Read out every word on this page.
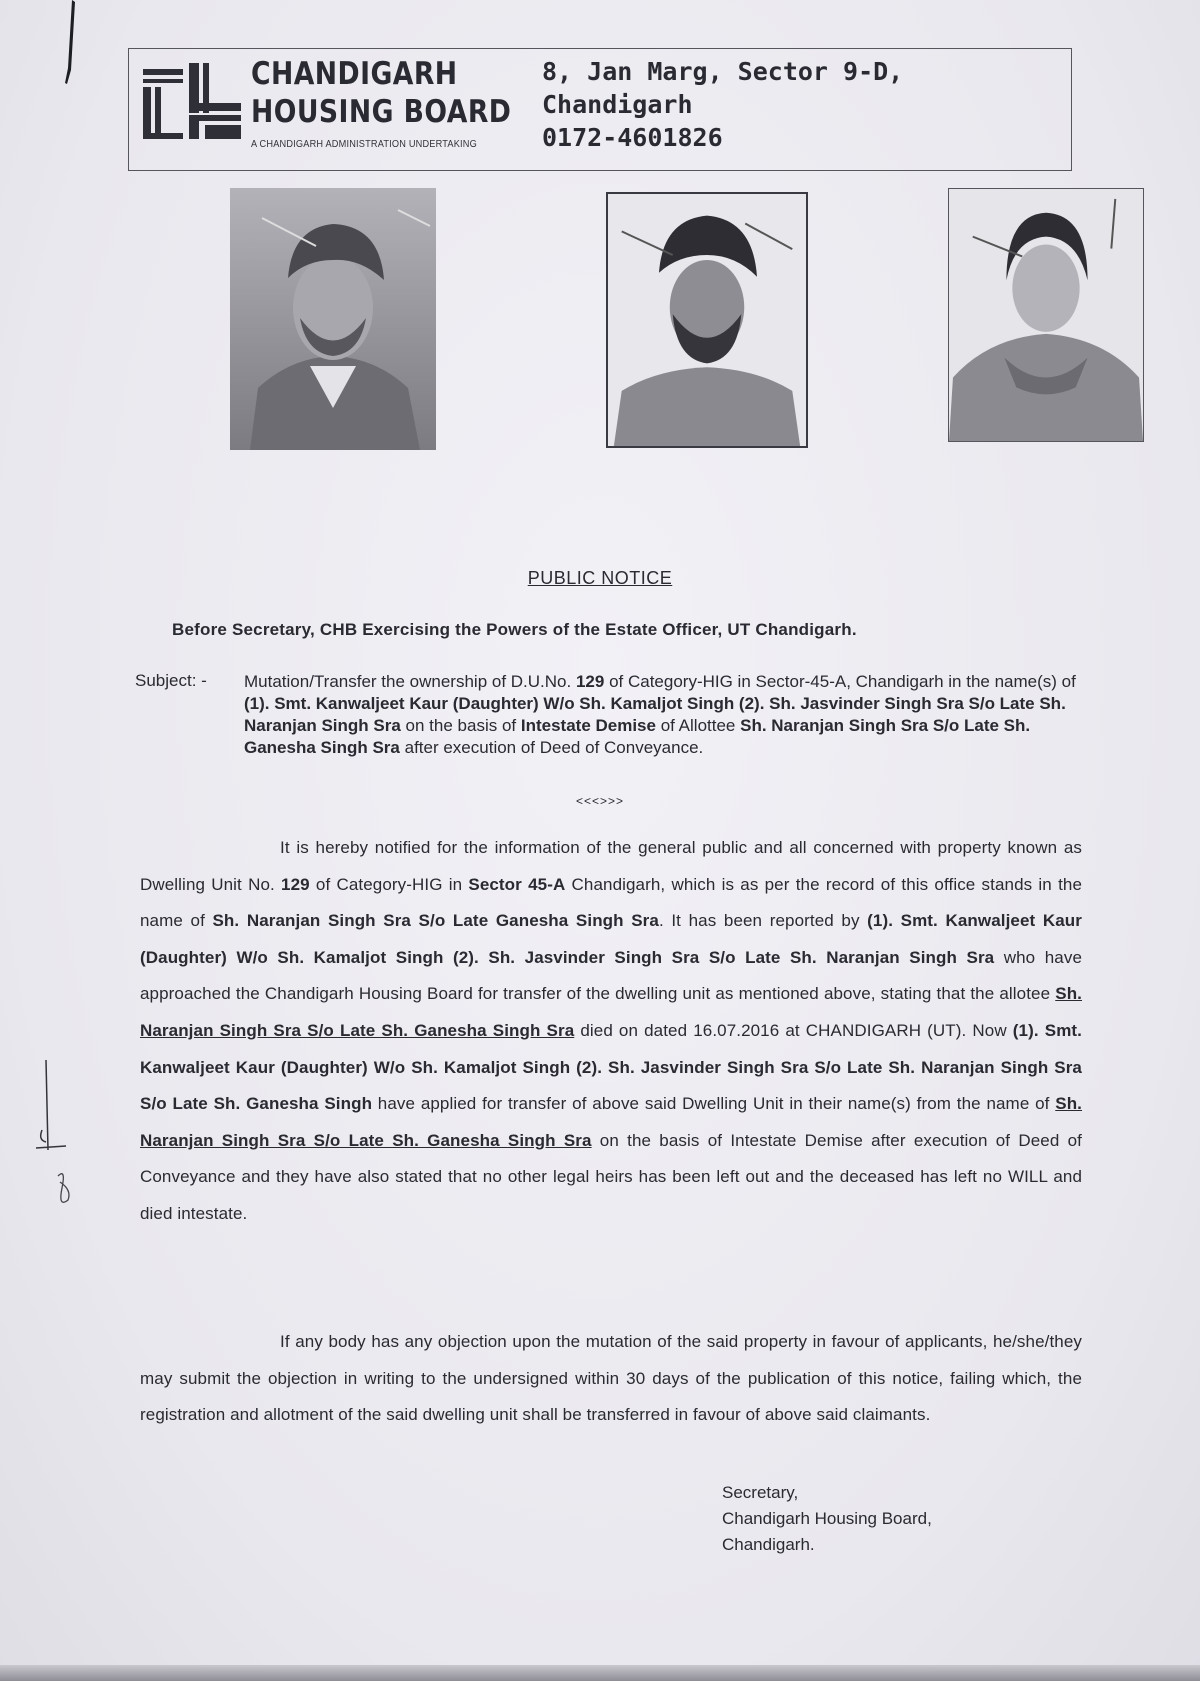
CHANDIGARH
HOUSING BOARD
A CHANDIGARH ADMINISTRATION UNDERTAKING
8, Jan Marg, Sector 9-D,
Chandigarh
0172-4601826
PUBLIC NOTICE
Before Secretary, CHB Exercising the Powers of the Estate Officer, UT Chandigarh.
Subject: - Mutation/Transfer the ownership of D.U.No. 129 of Category-HIG in Sector-45-A, Chandigarh in the name(s) of (1). Smt. Kanwaljeet Kaur (Daughter) W/o Sh. Kamaljot Singh (2). Sh. Jasvinder Singh Sra S/o Late Sh. Naranjan Singh Sra on the basis of Intestate Demise of Allottee Sh. Naranjan Singh Sra S/o Late Sh. Ganesha Singh Sra after execution of Deed of Conveyance.
<<<>>>
It is hereby notified for the information of the general public and all concerned with property known as Dwelling Unit No. 129 of Category-HIG in Sector 45-A Chandigarh, which is as per the record of this office stands in the name of Sh. Naranjan Singh Sra S/o Late Ganesha Singh Sra. It has been reported by (1). Smt. Kanwaljeet Kaur (Daughter) W/o Sh. Kamaljot Singh (2). Sh. Jasvinder Singh Sra S/o Late Sh. Naranjan Singh Sra who have approached the Chandigarh Housing Board for transfer of the dwelling unit as mentioned above, stating that the allotee Sh. Naranjan Singh Sra S/o Late Sh. Ganesha Singh Sra died on dated 16.07.2016 at CHANDIGARH (UT). Now (1). Smt. Kanwaljeet Kaur (Daughter) W/o Sh. Kamaljot Singh (2). Sh. Jasvinder Singh Sra S/o Late Sh. Naranjan Singh Sra S/o Late Sh. Ganesha Singh have applied for transfer of above said Dwelling Unit in their name(s) from the name of Sh. Naranjan Singh Sra S/o Late Sh. Ganesha Singh Sra on the basis of Intestate Demise after execution of Deed of Conveyance and they have also stated that no other legal heirs has been left out and the deceased has left no WILL and died intestate.
If any body has any objection upon the mutation of the said property in favour of applicants, he/she/they may submit the objection in writing to the undersigned within 30 days of the publication of this notice, failing which, the registration and allotment of the said dwelling unit shall be transferred in favour of above said claimants.
Secretary,
Chandigarh Housing Board,
Chandigarh.
